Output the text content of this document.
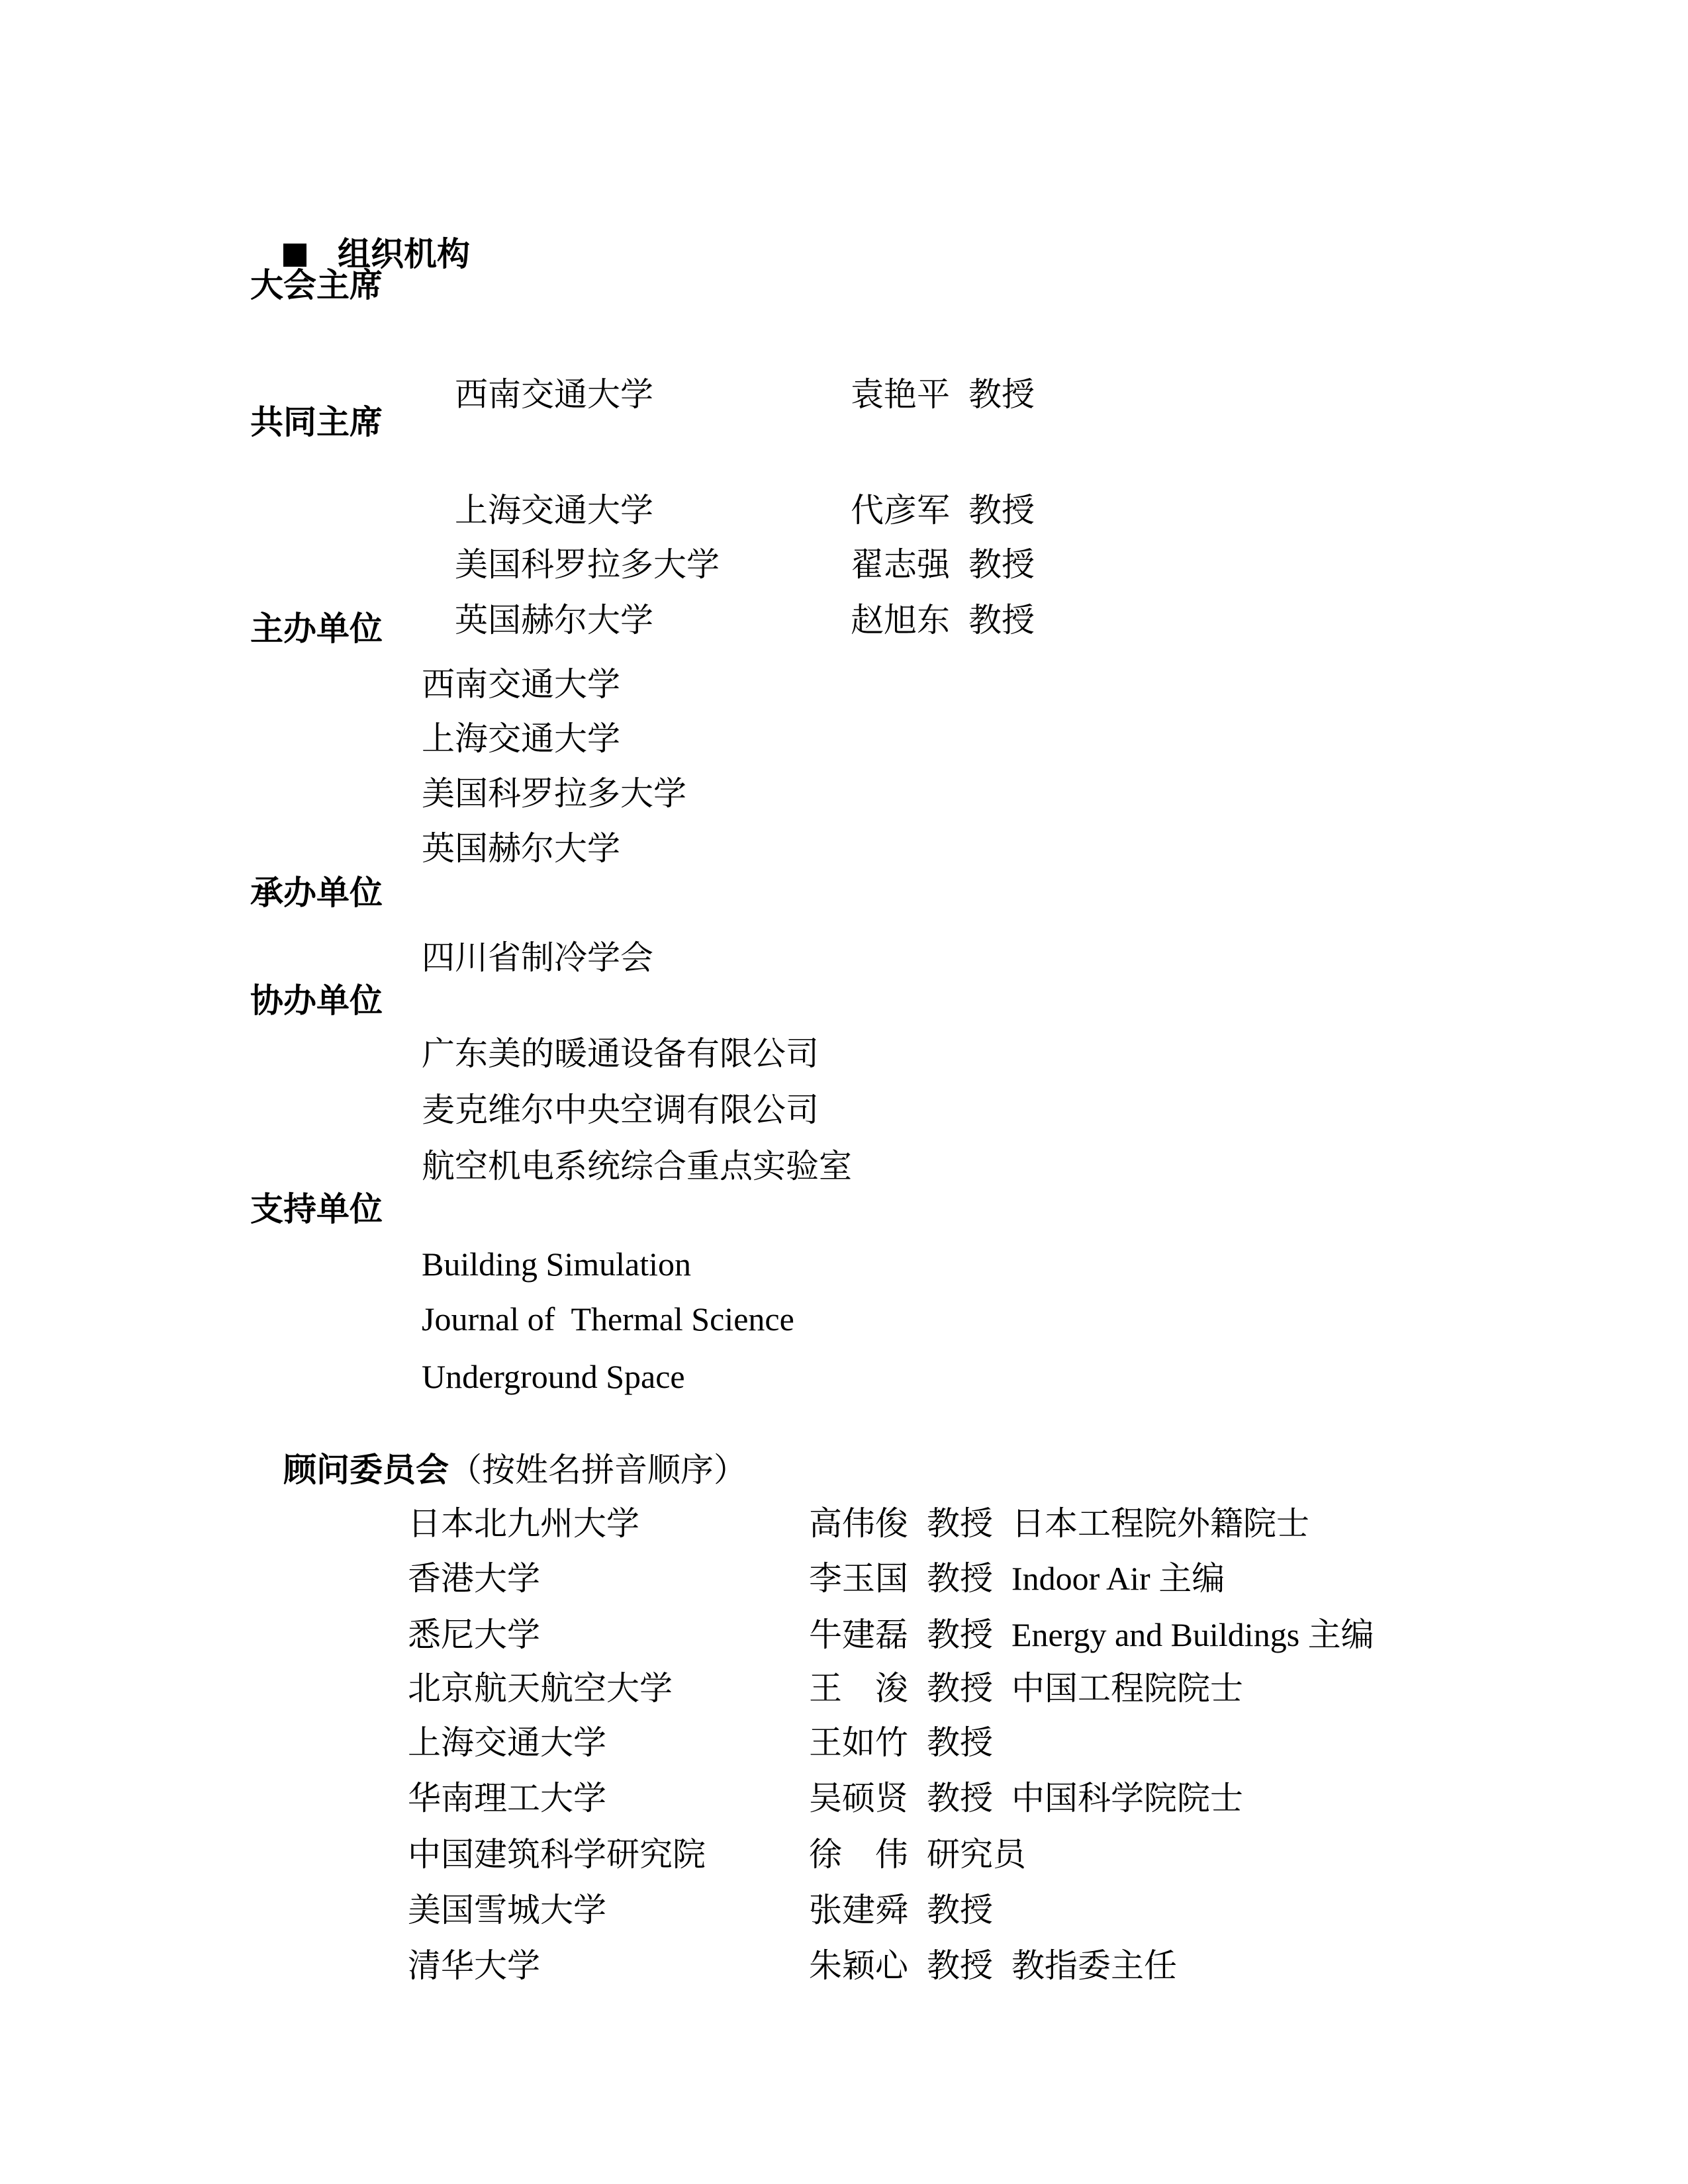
组织机构

大会主席

西南交通大学	袁艳平 教授

共同主席

上海交通大学	代彦军 教授

美国科罗拉多大学	翟志强 教授

英国赫尔大学	赵旭东 教授

主办单位
西南交通大学
上海交通大学
美国科罗拉多大学
英国赫尔大学
承办单位
四川省制冷学会
协办单位
广东美的暖通设备有限公司
麦克维尔中央空调有限公司
航空机电系统综合重点实验室
支持单位
Building Simulation
Journal of  Thermal Science
Underground Space

顾问委员会（按姓名拼音顺序）

日本北九州大学	高伟俊 教授 日本工程院外籍院士

香港大学	李玉国 教授 Indoor Air 主编

悉尼大学	牛建磊 教授 Energy and Buildings 主编

北京航天航空大学	王　浚 教授 中国工程院院士

上海交通大学	王如竹 教授

华南理工大学	吴硕贤 教授 中国科学院院士

中国建筑科学研究院	徐　伟 研究员

美国雪城大学	张建舜 教授

清华大学	朱颖心 教授 教指委主任
